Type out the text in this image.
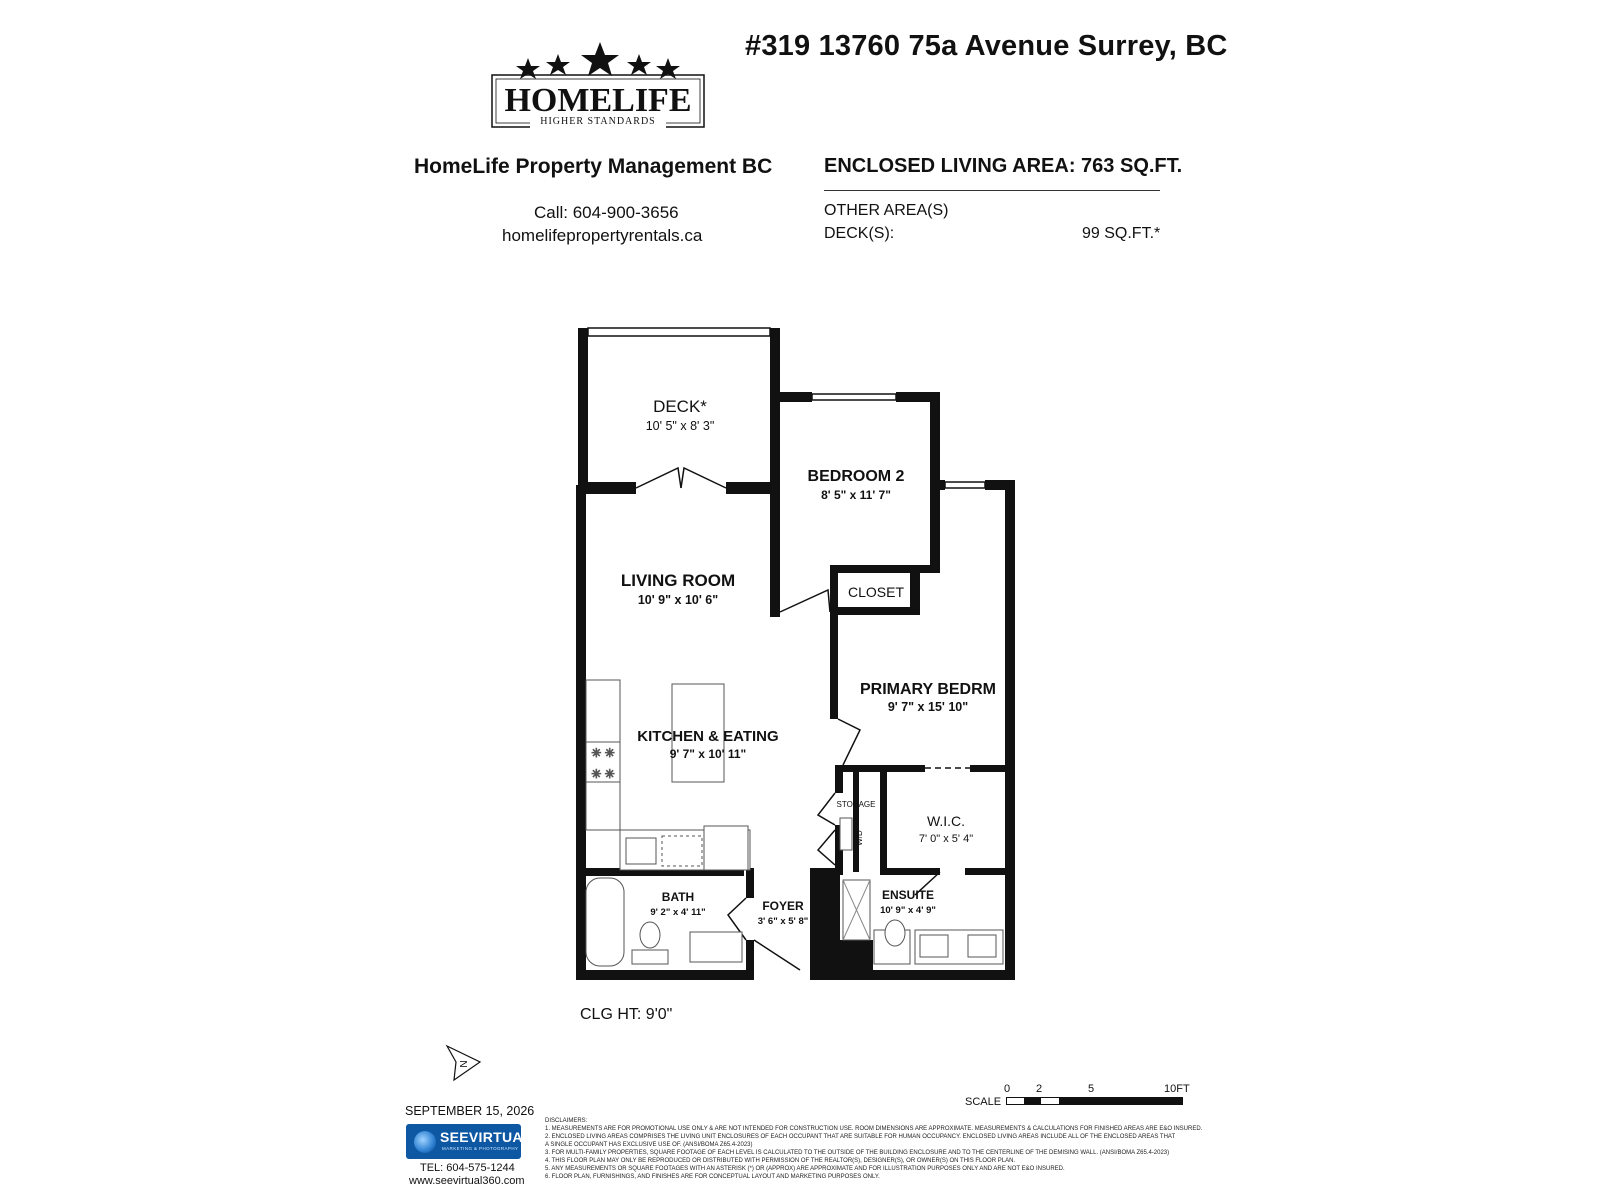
#319 13760 75a Avenue Surrey, BC
HOMELIFE
HIGHER STANDARDS
HomeLife Property Management BC
Call: 604-900-3656
homelifepropertyrentals.ca
ENCLOSED LIVING AREA: 763 SQ.FT.
OTHER AREA(S)
DECK(S):	99 SQ.FT.*
✳ ✳
✳ ✳
DECK*
10' 5" x 8' 3"
BEDROOM 2
8' 5" x 11' 7"
CLOSET
LIVING ROOM
10' 9" x 10' 6"
PRIMARY BEDRM
9' 7" x 15' 10"
KITCHEN & EATING
9' 7" x 10' 11"
STORAGE
W/D
W.I.C.
7' 0" x 5' 4"
BATH
9' 2" x 4' 11"	FOYER
3' 6" x 5' 8"
ENSUITE
10' 9" x 4' 9"
CLG HT: 9'0"
N
SEPTEMBER 15, 2026
SEEVIRTUAL
MARKETING & PHOTOGRAPHY
TEL: 604-575-1244
www.seevirtual360.com
DISCLAIMERS:
1. MEASUREMENTS ARE FOR PROMOTIONAL USE ONLY & ARE NOT INTENDED FOR CONSTRUCTION USE. ROOM DIMENSIONS ARE APPROXIMATE. MEASUREMENTS & CALCULATIONS FOR FINISHED AREAS ARE E&O INSURED.
2. ENCLOSED LIVING AREAS COMPRISES THE LIVING UNIT ENCLOSURES OF EACH OCCUPANT THAT ARE SUITABLE FOR HUMAN OCCUPANCY. ENCLOSED LIVING AREAS INCLUDE ALL OF THE ENCLOSED AREAS THAT
A SINGLE OCCUPANT HAS EXCLUSIVE USE OF. (ANSI/BOMA Z65.4-2023)
3. FOR MULTI-FAMILY PROPERTIES, SQUARE FOOTAGE OF EACH LEVEL IS CALCULATED TO THE OUTSIDE OF THE BUILDING ENCLOSURE AND TO THE CENTERLINE OF THE DEMISING WALL. (ANSI/BOMA Z65.4-2023)
4. THIS FLOOR PLAN MAY ONLY BE REPRODUCED OR DISTRIBUTED WITH PERMISSION OF THE REALTOR(S), DESIGNER(S), OR OWNER(S) ON THIS FLOOR PLAN.
5. ANY MEASUREMENTS OR SQUARE FOOTAGES WITH AN ASTERISK (*) OR (APPROX) ARE APPROXIMATE AND FOR ILLUSTRATION PURPOSES ONLY AND ARE NOT E&O INSURED.
6. FLOOR PLAN, FURNISHINGS, AND FINISHES ARE FOR CONCEPTUAL LAYOUT AND MARKETING PURPOSES ONLY.
SCALE
0 2	5	10FT
